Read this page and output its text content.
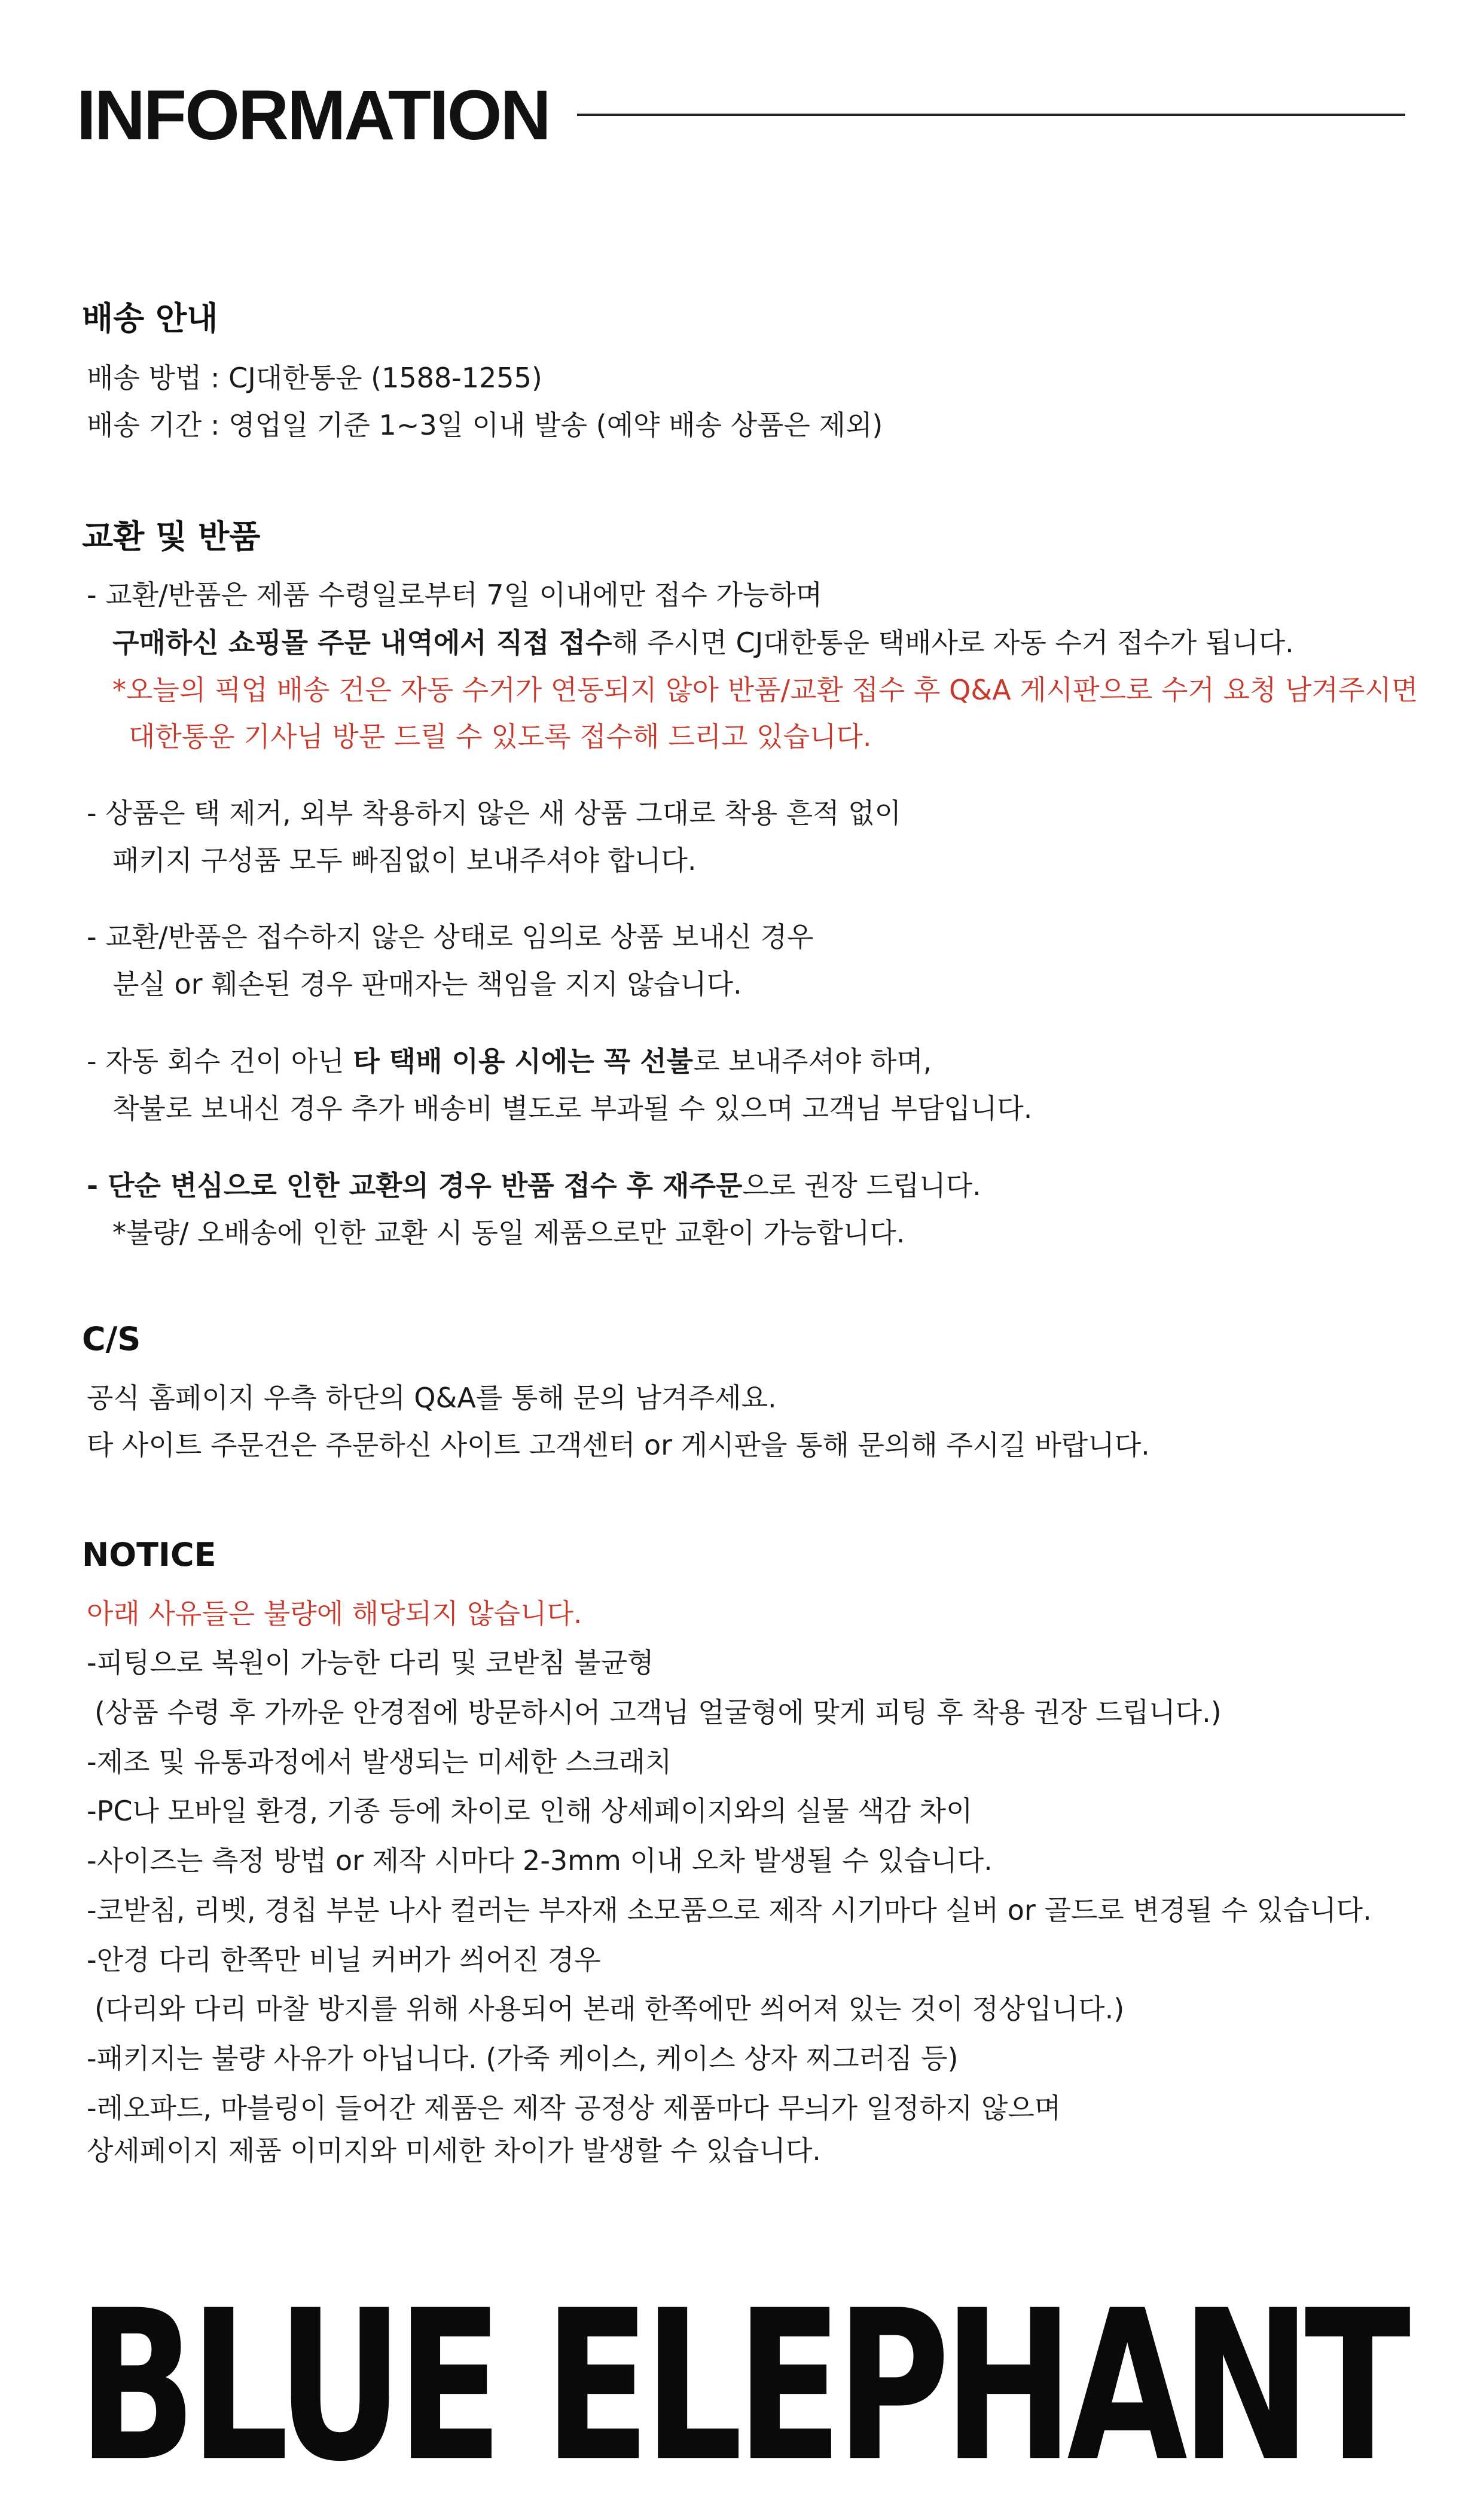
INFORMATION
배송 안내
배송 방법 : CJ대한통운 (1588-1255)
배송 기간 : 영업일 기준 1~3일 이내 발송 (예약 배송 상품은 제외)
교환 및 반품
- 교환/반품은 제품 수령일로부터 7일 이내에만 접수 가능하며
구매하신 쇼핑몰 주문 내역에서 직접 접수해 주시면 CJ대한통운 택배사로 자동 수거 접수가 됩니다.
*오늘의 픽업 배송 건은 자동 수거가 연동되지 않아 반품/교환 접수 후 Q&A 게시판으로 수거 요청 남겨주시면
대한통운 기사님 방문 드릴 수 있도록 접수해 드리고 있습니다.
- 상품은 택 제거, 외부 착용하지 않은 새 상품 그대로 착용 흔적 없이
패키지 구성품 모두 빠짐없이 보내주셔야 합니다.
- 교환/반품은 접수하지 않은 상태로 임의로 상품 보내신 경우
분실 or 훼손된 경우 판매자는 책임을 지지 않습니다.
- 자동 회수 건이 아닌 타 택배 이용 시에는 꼭 선불로 보내주셔야 하며,
착불로 보내신 경우 추가 배송비 별도로 부과될 수 있으며 고객님 부담입니다.
- 단순 변심으로 인한 교환의 경우 반품 접수 후 재주문으로 권장 드립니다.
*불량/ 오배송에 인한 교환 시 동일 제품으로만 교환이 가능합니다.
C/S
공식 홈페이지 우측 하단의 Q&A를 통해 문의 남겨주세요.
타 사이트 주문건은 주문하신 사이트 고객센터 or 게시판을 통해 문의해 주시길 바랍니다.
NOTICE
아래 사유들은 불량에 해당되지 않습니다.
-피팅으로 복원이 가능한 다리 및 코받침 불균형
(상품 수령 후 가까운 안경점에 방문하시어 고객님 얼굴형에 맞게 피팅 후 착용 권장 드립니다.)
-제조 및 유통과정에서 발생되는 미세한 스크래치
-PC나 모바일 환경, 기종 등에 차이로 인해 상세페이지와의 실물 색감 차이
-사이즈는 측정 방법 or 제작 시마다 2-3mm 이내 오차 발생될 수 있습니다.
-코받침, 리벳, 경칩 부분 나사 컬러는 부자재 소모품으로 제작 시기마다 실버 or 골드로 변경될 수 있습니다.
-안경 다리 한쪽만 비닐 커버가 씌어진 경우
(다리와 다리 마찰 방지를 위해 사용되어 본래 한쪽에만 씌어져 있는 것이 정상입니다.)
-패키지는 불량 사유가 아닙니다. (가죽 케이스, 케이스 상자 찌그러짐 등)
-레오파드, 마블링이 들어간 제품은 제작 공정상 제품마다 무늬가 일정하지 않으며
상세페이지 제품 이미지와 미세한 차이가 발생할 수 있습니다.
BLUE ELEPHANT
